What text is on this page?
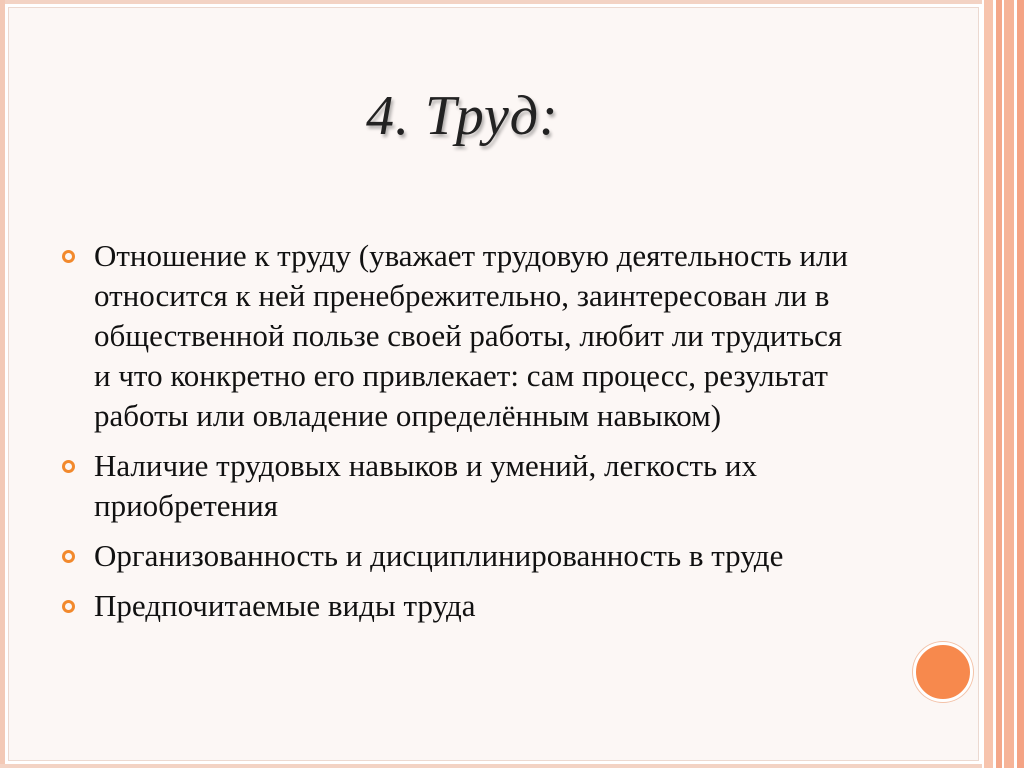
4. Труд:
Отношение к труду (уважает трудовую деятельность или относится к ней пренебрежительно, заинтересован ли в общественной пользе своей работы, любит ли трудиться и что конкретно его привлекает: сам процесс, результат работы или овладение определённым навыком)
Наличие трудовых навыков и умений, легкость их приобретения
Организованность и дисциплинированность в труде
Предпочитаемые виды труда
